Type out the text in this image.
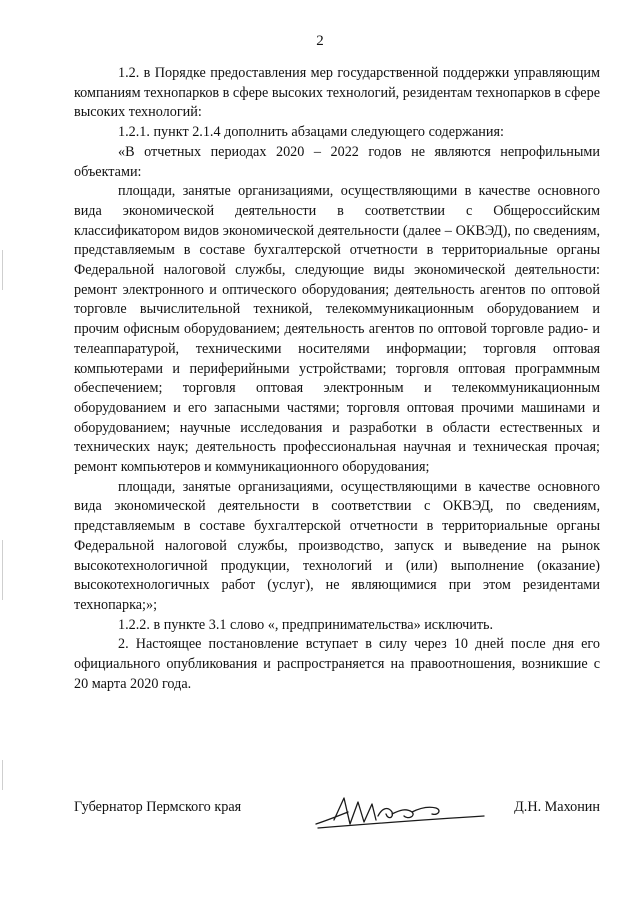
2

1.2. в Порядке предоставления мер государственной поддержки управляющим компаниям технопарков в сфере высоких технологий, резидентам технопарков в сфере высоких технологий:

1.2.1. пункт 2.1.4 дополнить абзацами следующего содержания:

«В отчетных периодах 2020 – 2022 годов не являются непрофильными объектами:

площади, занятые организациями, осуществляющими в качестве основного вида экономической деятельности в соответствии с Общероссийским классификатором видов экономической деятельности (далее – ОКВЭД), по сведениям, представляемым в составе бухгалтерской отчетности в территориальные органы Федеральной налоговой службы, следующие виды экономической деятельности: ремонт электронного и оптического оборудования; деятельность агентов по оптовой торговле вычислительной техникой, телекоммуникационным оборудованием и прочим офисным оборудованием; деятельность агентов по оптовой торговле радио- и телеаппаратурой, техническими носителями информации; торговля оптовая компьютерами и периферийными устройствами; торговля оптовая программным обеспечением; торговля оптовая электронным и телекоммуникационным оборудованием и его запасными частями; торговля оптовая прочими машинами и оборудованием; научные исследования и разработки в области естественных и технических наук; деятельность профессиональная научная и техническая прочая; ремонт компьютеров и коммуникационного оборудования;

площади, занятые организациями, осуществляющими в качестве основного вида экономической деятельности в соответствии с ОКВЭД, по сведениям, представляемым в составе бухгалтерской отчетности в территориальные органы Федеральной налоговой службы, производство, запуск и выведение на рынок высокотехнологичной продукции, технологий и (или) выполнение (оказание) высокотехнологичных работ (услуг), не являющимися при этом резидентами технопарка;»;

1.2.2. в пункте 3.1 слово «, предпринимательства» исключить.

2. Настоящее постановление вступает в силу через 10 дней после дня его официального опубликования и распространяется на правоотношения, возникшие с 20 марта 2020 года.

Губернатор Пермского края	Д.Н. Махонин
